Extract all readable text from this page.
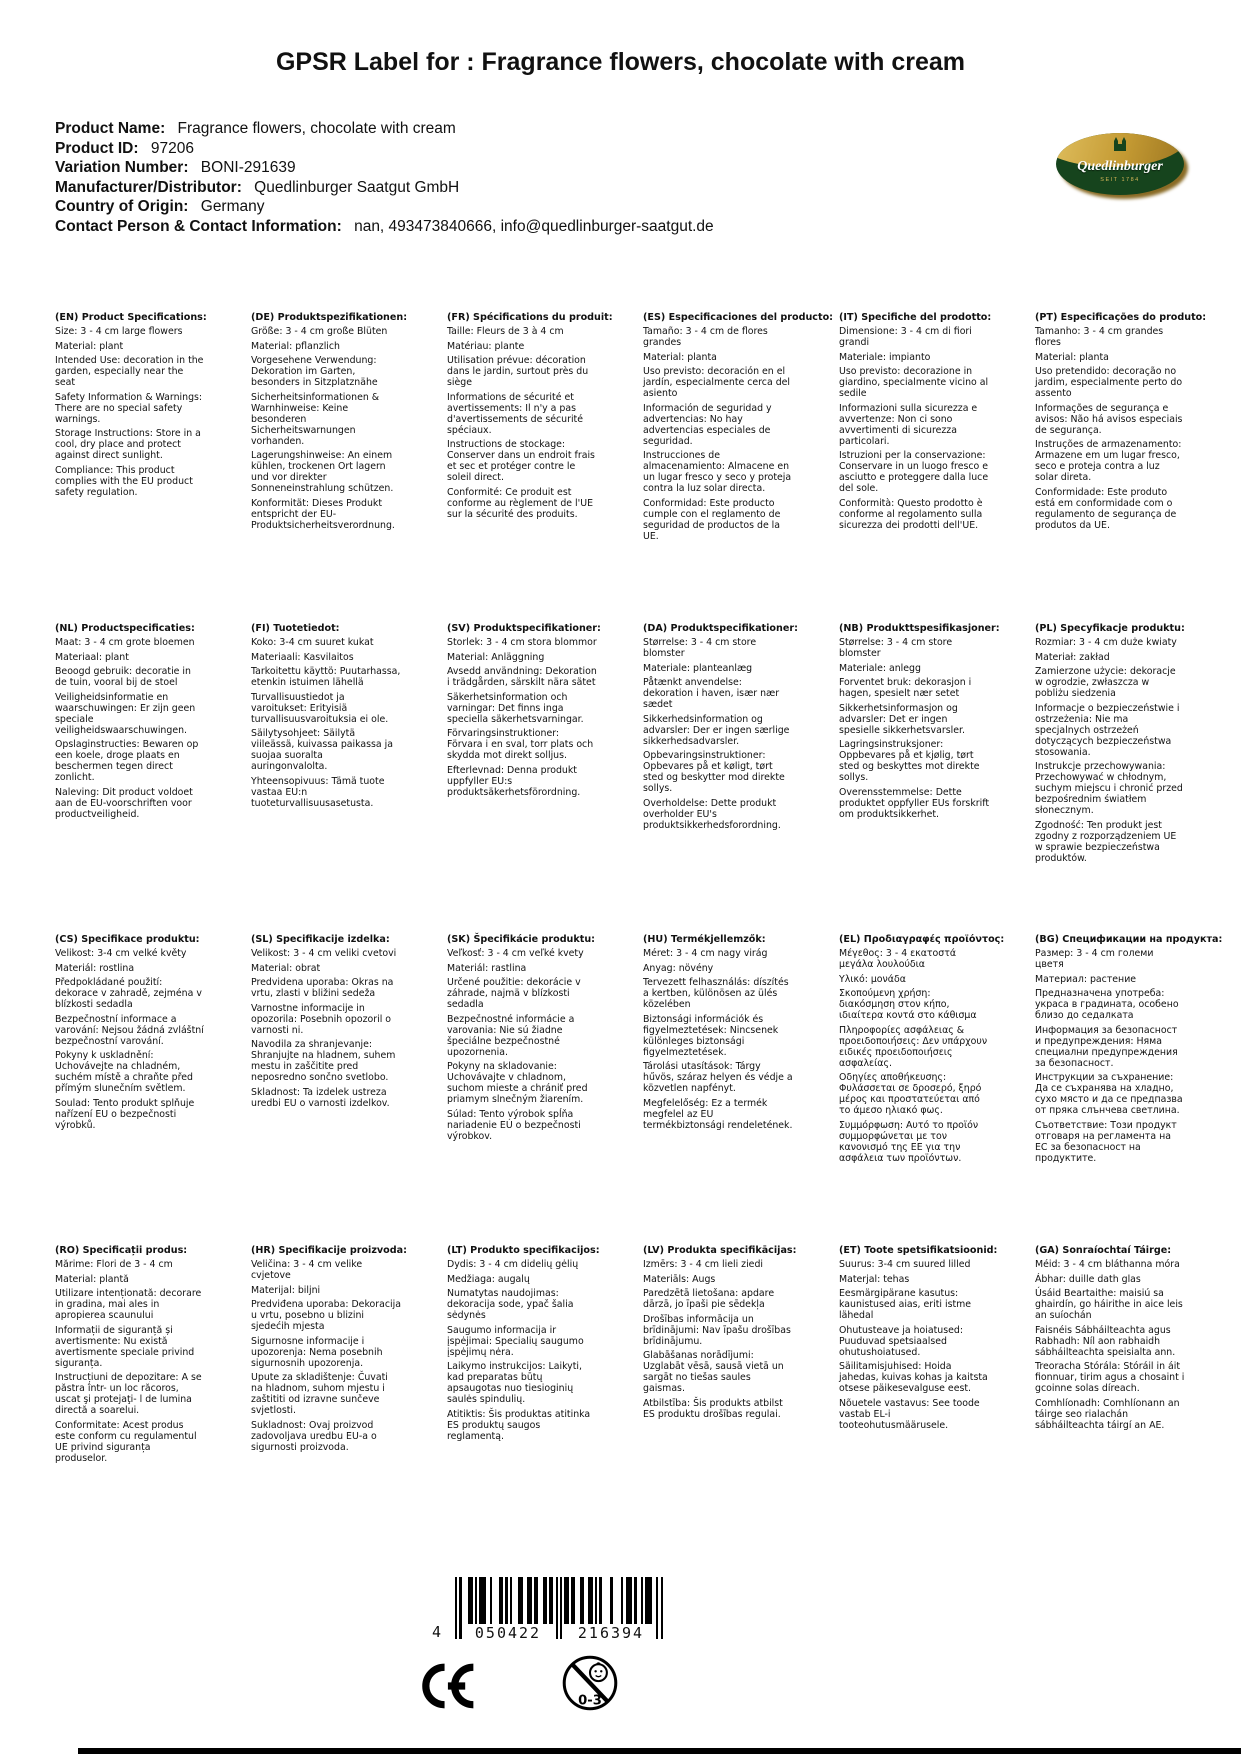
GPSR Label for : Fragrance flowers, chocolate with cream
Product Name: Fragrance flowers, chocolate with cream
Product ID: 97206
Variation Number: BONI-291639
Manufacturer/Distributor: Quedlinburger Saatgut GmbH
Country of Origin: Germany
Contact Person & Contact Information: nan, 493473840666, info@quedlinburger-saatgut.de
Quedlinburger
SEIT 1784
(EN) Product Specifications:

Size: 3 - 4 cm large flowers

Material: plant

Intended Use: decoration in the garden, especially near the seat

Safety Information & Warnings: There are no special safety warnings.

Storage Instructions: Store in a cool, dry place and protect against direct sunlight.

Compliance: This product complies with the EU product safety regulation.

(DE) Produktspezifikationen:

Größe: 3 - 4 cm große Blüten

Material: pflanzlich

Vorgesehene Verwendung: Dekoration im Garten, besonders in Sitzplatznähe

Sicherheitsinformationen & Warnhinweise: Keine besonderen Sicherheitswarnungen vorhanden.

Lagerungshinweise: An einem kühlen, trockenen Ort lagern und vor direkter Sonneneinstrahlung schützen.

Konformität: Dieses Produkt entspricht der EU-Produktsicherheitsverordnung.

(FR) Spécifications du produit:

Taille: Fleurs de 3 à 4 cm

Matériau: plante

Utilisation prévue: décoration dans le jardin, surtout près du siège

Informations de sécurité et avertissements: Il n'y a pas d'avertissements de sécurité spéciaux.

Instructions de stockage: Conserver dans un endroit frais et sec et protéger contre le soleil direct.

Conformité: Ce produit est conforme au règlement de l'UE sur la sécurité des produits.

(ES) Especificaciones del producto:

Tamaño: 3 - 4 cm de flores grandes

Material: planta

Uso previsto: decoración en el jardín, especialmente cerca del asiento

Información de seguridad y advertencias: No hay advertencias especiales de seguridad.

Instrucciones de almacenamiento: Almacene en un lugar fresco y seco y proteja contra la luz solar directa.

Conformidad: Este producto cumple con el reglamento de seguridad de productos de la UE.

(IT) Specifiche del prodotto:

Dimensione: 3 - 4 cm di fiori grandi

Materiale: impianto

Uso previsto: decorazione in giardino, specialmente vicino al sedile

Informazioni sulla sicurezza e avvertenze: Non ci sono avvertimenti di sicurezza particolari.

Istruzioni per la conservazione: Conservare in un luogo fresco e asciutto e proteggere dalla luce del sole.

Conformità: Questo prodotto è conforme al regolamento sulla sicurezza dei prodotti dell'UE.

(PT) Especificações do produto:

Tamanho: 3 - 4 cm grandes flores

Material: planta

Uso pretendido: decoração no jardim, especialmente perto do assento

Informações de segurança e avisos: Não há avisos especiais de segurança.

Instruções de armazenamento: Armazene em um lugar fresco, seco e proteja contra a luz solar direta.

Conformidade: Este produto está em conformidade com o regulamento de segurança de produtos da UE.

(NL) Productspecificaties:

Maat: 3 - 4 cm grote bloemen

Materiaal: plant

Beoogd gebruik: decoratie in de tuin, vooral bij de stoel

Veiligheidsinformatie en waarschuwingen: Er zijn geen speciale veiligheidswaarschuwingen.

Opslaginstructies: Bewaren op een koele, droge plaats en beschermen tegen direct zonlicht.

Naleving: Dit product voldoet aan de EU-voorschriften voor productveiligheid.

(FI) Tuotetiedot:

Koko: 3-4 cm suuret kukat

Materiaali: Kasvilaitos

Tarkoitettu käyttö: Puutarhassa, etenkin istuimen lähellä

Turvallisuustiedot ja varoitukset: Erityisiä turvallisuusvaroituksia ei ole.

Säilytysohjeet: Säilytä viileässä, kuivassa paikassa ja suojaa suoralta auringonvalolta.

Yhteensopivuus: Tämä tuote vastaa EU:n tuoteturvallisuusasetusta.

(SV) Produktspecifikationer:

Storlek: 3 - 4 cm stora blommor

Material: Anläggning

Avsedd användning: Dekoration i trädgården, särskilt nära sätet

Säkerhetsinformation och varningar: Det finns inga speciella säkerhetsvarningar.

Förvaringsinstruktioner: Förvara i en sval, torr plats och skydda mot direkt solljus.

Efterlevnad: Denna produkt uppfyller EU:s produktsäkerhetsförordning.

(DA) Produktspecifikationer:

Størrelse: 3 - 4 cm store blomster

Materiale: planteanlæg

Påtænkt anvendelse: dekoration i haven, især nær sædet

Sikkerhedsinformation og advarsler: Der er ingen særlige sikkerhedsadvarsler.

Opbevaringsinstruktioner: Opbevares på et køligt, tørt sted og beskytter mod direkte sollys.

Overholdelse: Dette produkt overholder EU's produktsikkerhedsforordning.

(NB) Produkttspesifikasjoner:

Størrelse: 3 - 4 cm store blomster

Materiale: anlegg

Forventet bruk: dekorasjon i hagen, spesielt nær setet

Sikkerhetsinformasjon og advarsler: Det er ingen spesielle sikkerhetsvarsler.

Lagringsinstruksjoner: Oppbevares på et kjølig, tørt sted og beskyttes mot direkte sollys.

Overensstemmelse: Dette produktet oppfyller EUs forskrift om produktsikkerhet.

(PL) Specyfikacje produktu:

Rozmiar: 3 - 4 cm duże kwiaty

Materiał: zakład

Zamierzone użycie: dekoracje w ogrodzie, zwłaszcza w pobliżu siedzenia

Informacje o bezpieczeństwie i ostrzeżenia: Nie ma specjalnych ostrzeżeń dotyczących bezpieczeństwa stosowania.

Instrukcje przechowywania: Przechowywać w chłodnym, suchym miejscu i chronić przed bezpośrednim światłem słonecznym.

Zgodność: Ten produkt jest zgodny z rozporządzeniem UE w sprawie bezpieczeństwa produktów.

(CS) Specifikace produktu:

Velikost: 3-4 cm velké květy

Materiál: rostlina

Předpokládané použití: dekorace v zahradě, zejména v blízkosti sedadla

Bezpečnostní informace a varování: Nejsou žádná zvláštní bezpečnostní varování.

Pokyny k uskladnění: Uchovávejte na chladném, suchém místě a chraňte před přímým slunečním světlem.

Soulad: Tento produkt splňuje nařízení EU o bezpečnosti výrobků.

(SL) Specifikacije izdelka:

Velikost: 3 - 4 cm veliki cvetovi

Material: obrat

Predvidena uporaba: Okras na vrtu, zlasti v bližini sedeža

Varnostne informacije in opozorila: Posebnih opozoril o varnosti ni.

Navodila za shranjevanje: Shranjujte na hladnem, suhem mestu in zaščitite pred neposredno sončno svetlobo.

Skladnost: Ta izdelek ustreza uredbi EU o varnosti izdelkov.

(SK) Špecifikácie produktu:

Veľkosť: 3 - 4 cm veľké kvety

Materiál: rastlina

Určené použitie: dekorácie v záhrade, najmä v blízkosti sedadla

Bezpečnostné informácie a varovania: Nie sú žiadne špeciálne bezpečnostné upozornenia.

Pokyny na skladovanie: Uchovávajte v chladnom, suchom mieste a chrániť pred priamym slnečným žiarením.

Súlad: Tento výrobok spĺňa nariadenie EÚ o bezpečnosti výrobkov.

(HU) Termékjellemzők:

Méret: 3 - 4 cm nagy virág

Anyag: növény

Tervezett felhasználás: díszítés a kertben, különösen az ülés közelében

Biztonsági információk és figyelmeztetések: Nincsenek különleges biztonsági figyelmeztetések.

Tárolási utasítások: Tárgy hűvös, száraz helyen és védje a közvetlen napfényt.

Megfelelőség: Ez a termék megfelel az EU termékbiztonsági rendeletének.

(EL) Προδιαγραφές προϊόντος:

Μέγεθος: 3 - 4 εκατοστά μεγάλα λουλούδια

Υλικό: μονάδα

Σκοπούμενη χρήση: διακόσμηση στον κήπο, ιδιαίτερα κοντά στο κάθισμα

Πληροφορίες ασφάλειας & προειδοποιήσεις: Δεν υπάρχουν ειδικές προειδοποιήσεις ασφαλείας.

Οδηγίες αποθήκευσης: Φυλάσσεται σε δροσερό, ξηρό μέρος και προστατεύεται από το άμεσο ηλιακό φως.

Συμμόρφωση: Αυτό το προϊόν συμμορφώνεται με τον κανονισμό της ΕΕ για την ασφάλεια των προϊόντων.

(BG) Спецификации на продукта:

Размер: 3 - 4 cm големи цветя

Материал: растение

Предназначена употреба: украса в градината, особено близо до седалката

Информация за безопасност и предупреждения: Няма специални предупреждения за безопасност.

Инструкции за съхранение: Да се съхранява на хладно, сухо място и да се предпазва от пряка слънчева светлина.

Съответствие: Този продукт отговаря на регламента на ЕС за безопасност на продуктите.

(RO) Specificații produs:

Mărime: Flori de 3 - 4 cm

Material: plantă

Utilizare intenționată: decorare in gradina, mai ales in apropierea scaunului

Informații de siguranță și avertismente: Nu există avertismente speciale privind siguranța.

Instrucțiuni de depozitare: A se păstra într- un loc răcoros, uscat şi protejaţi- l de lumina directă a soarelui.

Conformitate: Acest produs este conform cu regulamentul UE privind siguranța produselor.

(HR) Specifikacije proizvoda:

Veličina: 3 - 4 cm velike cvjetove

Materijal: biljni

Predviđena uporaba: Dekoracija u vrtu, posebno u blizini sjedećih mjesta

Sigurnosne informacije i upozorenja: Nema posebnih sigurnosnih upozorenja.

Upute za skladištenje: Čuvati na hladnom, suhom mjestu i zaštititi od izravne sunčeve svjetlosti.

Sukladnost: Ovaj proizvod zadovoljava uredbu EU-a o sigurnosti proizvoda.

(LT) Produkto specifikacijos:

Dydis: 3 - 4 cm didelių gėlių

Medžiaga: augalų

Numatytas naudojimas: dekoracija sode, ypač šalia sėdynės

Saugumo informacija ir įspėjimai: Specialių saugumo įspėjimų nėra.

Laikymo instrukcijos: Laikyti, kad preparatas būtų apsaugotas nuo tiesioginių saulės spindulių.

Atitiktis: Šis produktas atitinka ES produktų saugos reglamentą.

(LV) Produkta specifikācijas:

Izmērs: 3 - 4 cm lieli ziedi

Materiāls: Augs

Paredzētā lietošana: apdare dārzā, jo īpaši pie sēdekļa

Drošības informācija un brīdinājumi: Nav īpašu drošības brīdinājumu.

Glabāšanas norādījumi: Uzglabāt vēsā, sausā vietā un sargāt no tiešas saules gaismas.

Atbilstība: Šis produkts atbilst ES produktu drošības regulai.

(ET) Toote spetsifikatsioonid:

Suurus: 3-4 cm suured lilled

Materjal: tehas

Eesmärgipärane kasutus: kaunistused aias, eriti istme lähedal

Ohutusteave ja hoiatused: Puuduvad spetsiaalsed ohutushoiatused.

Säilitamisjuhised: Hoida jahedas, kuivas kohas ja kaitsta otsese päikesevalguse eest.

Nõuetele vastavus: See toode vastab EL-i tooteohutusmäärusele.

(GA) Sonraíochtaí Táirge:

Méid: 3 - 4 cm bláthanna móra

Ábhar: duille dath glas

Úsáid Beartaithe: maisiú sa ghairdín, go háirithe in aice leis an suíochán

Faisnéis Sábháilteachta agus Rabhadh: Níl aon rabhaidh sábháilteachta speisialta ann.

Treoracha Stórála: Stóráil in áit fionnuar, tirim agus a chosaint i gcoinne solas díreach.

Comhlíonadh: Comhlíonann an táirge seo rialachán sábháilteachta táirgí an AE.

4	050422	216394
0-3
